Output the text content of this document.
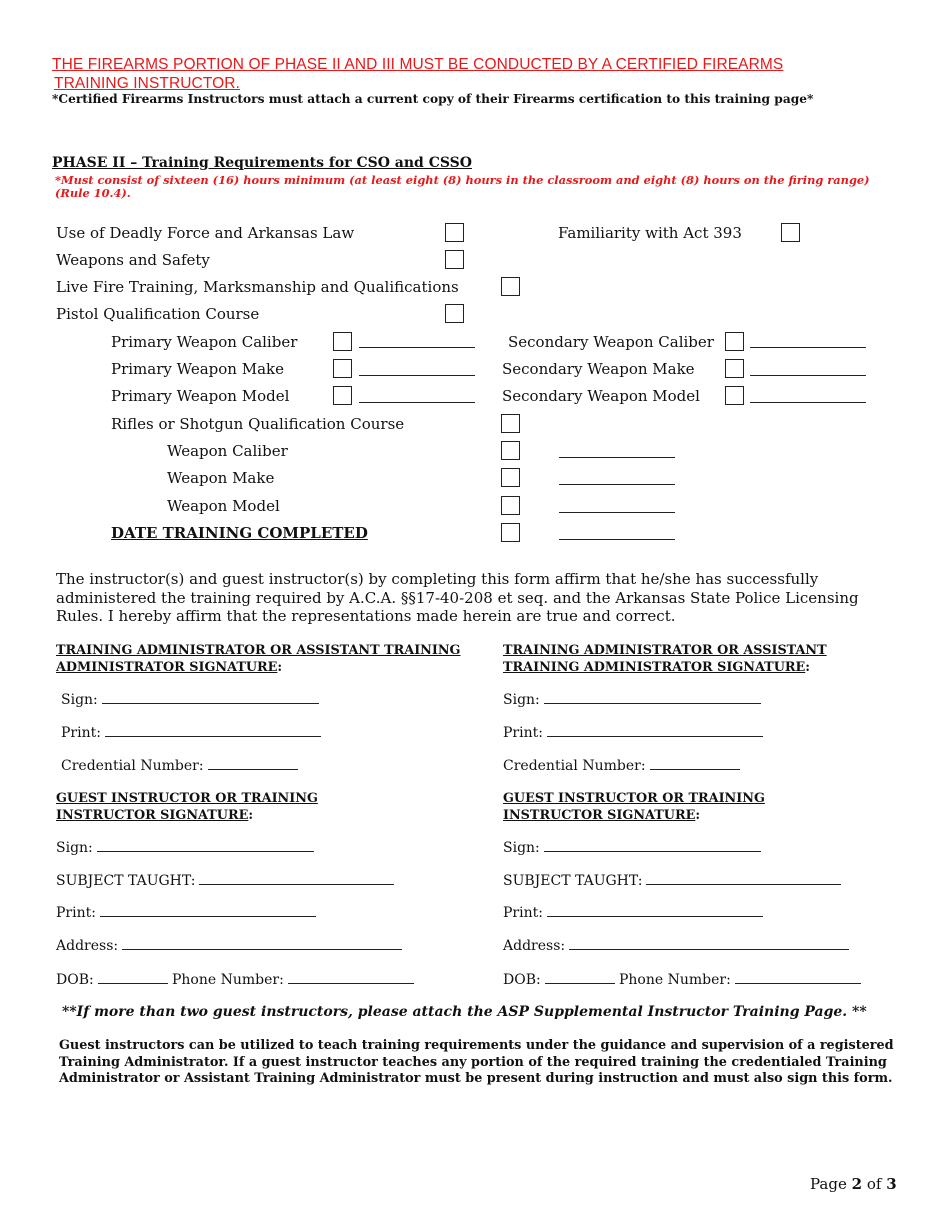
THE FIREARMS PORTION OF PHASE II AND III MUST BE CONDUCTED BY A CERTIFIED FIREARMS
TRAINING INSTRUCTOR.
*Certified Firearms Instructors must attach a current copy of their Firearms certification to this training page*
PHASE II – Training Requirements for CSO and CSSO
*Must consist of sixteen (16) hours minimum (at least eight (8) hours in the classroom and eight (8) hours on the firing range) (Rule 10.4).
Use of Deadly Force and Arkansas Law	Familiarity with Act 393
Weapons and Safety
Live Fire Training, Marksmanship and Qualifications
Pistol Qualification Course
Primary Weapon Caliber	Secondary Weapon Caliber
Primary Weapon Make	Secondary Weapon Make
Primary Weapon Model	Secondary Weapon Model
Rifles or Shotgun Qualification Course
Weapon Caliber
Weapon Make
Weapon Model
DATE TRAINING COMPLETED
The instructor(s) and guest instructor(s) by completing this form affirm that he/she has successfully administered the training required by A.C.A. §§17-40-208 et seq. and the Arkansas State Police Licensing Rules. I hereby affirm that the representations made herein are true and correct.
TRAINING ADMINISTRATOR OR ASSISTANT TRAINING ADMINISTRATOR SIGNATURE:
Sign:
Print:
Credential Number:
TRAINING ADMINISTRATOR OR ASSISTANT TRAINING ADMINISTRATOR SIGNATURE:
Sign:
Print:
Credential Number:
GUEST INSTRUCTOR OR TRAINING INSTRUCTOR SIGNATURE:
Sign:
SUBJECT TAUGHT:
Print:
Address:
DOB:	Phone Number:
GUEST INSTRUCTOR OR TRAINING INSTRUCTOR SIGNATURE:
Sign:
SUBJECT TAUGHT:
Print:
Address:
DOB:	Phone Number:
**If more than two guest instructors, please attach the ASP Supplemental Instructor Training Page. **
Guest instructors can be utilized to teach training requirements under the guidance and supervision of a registered Training Administrator. If a guest instructor teaches any portion of the required training the credentialed Training Administrator or Assistant Training Administrator must be present during instruction and must also sign this form.
Page 2 of 3
